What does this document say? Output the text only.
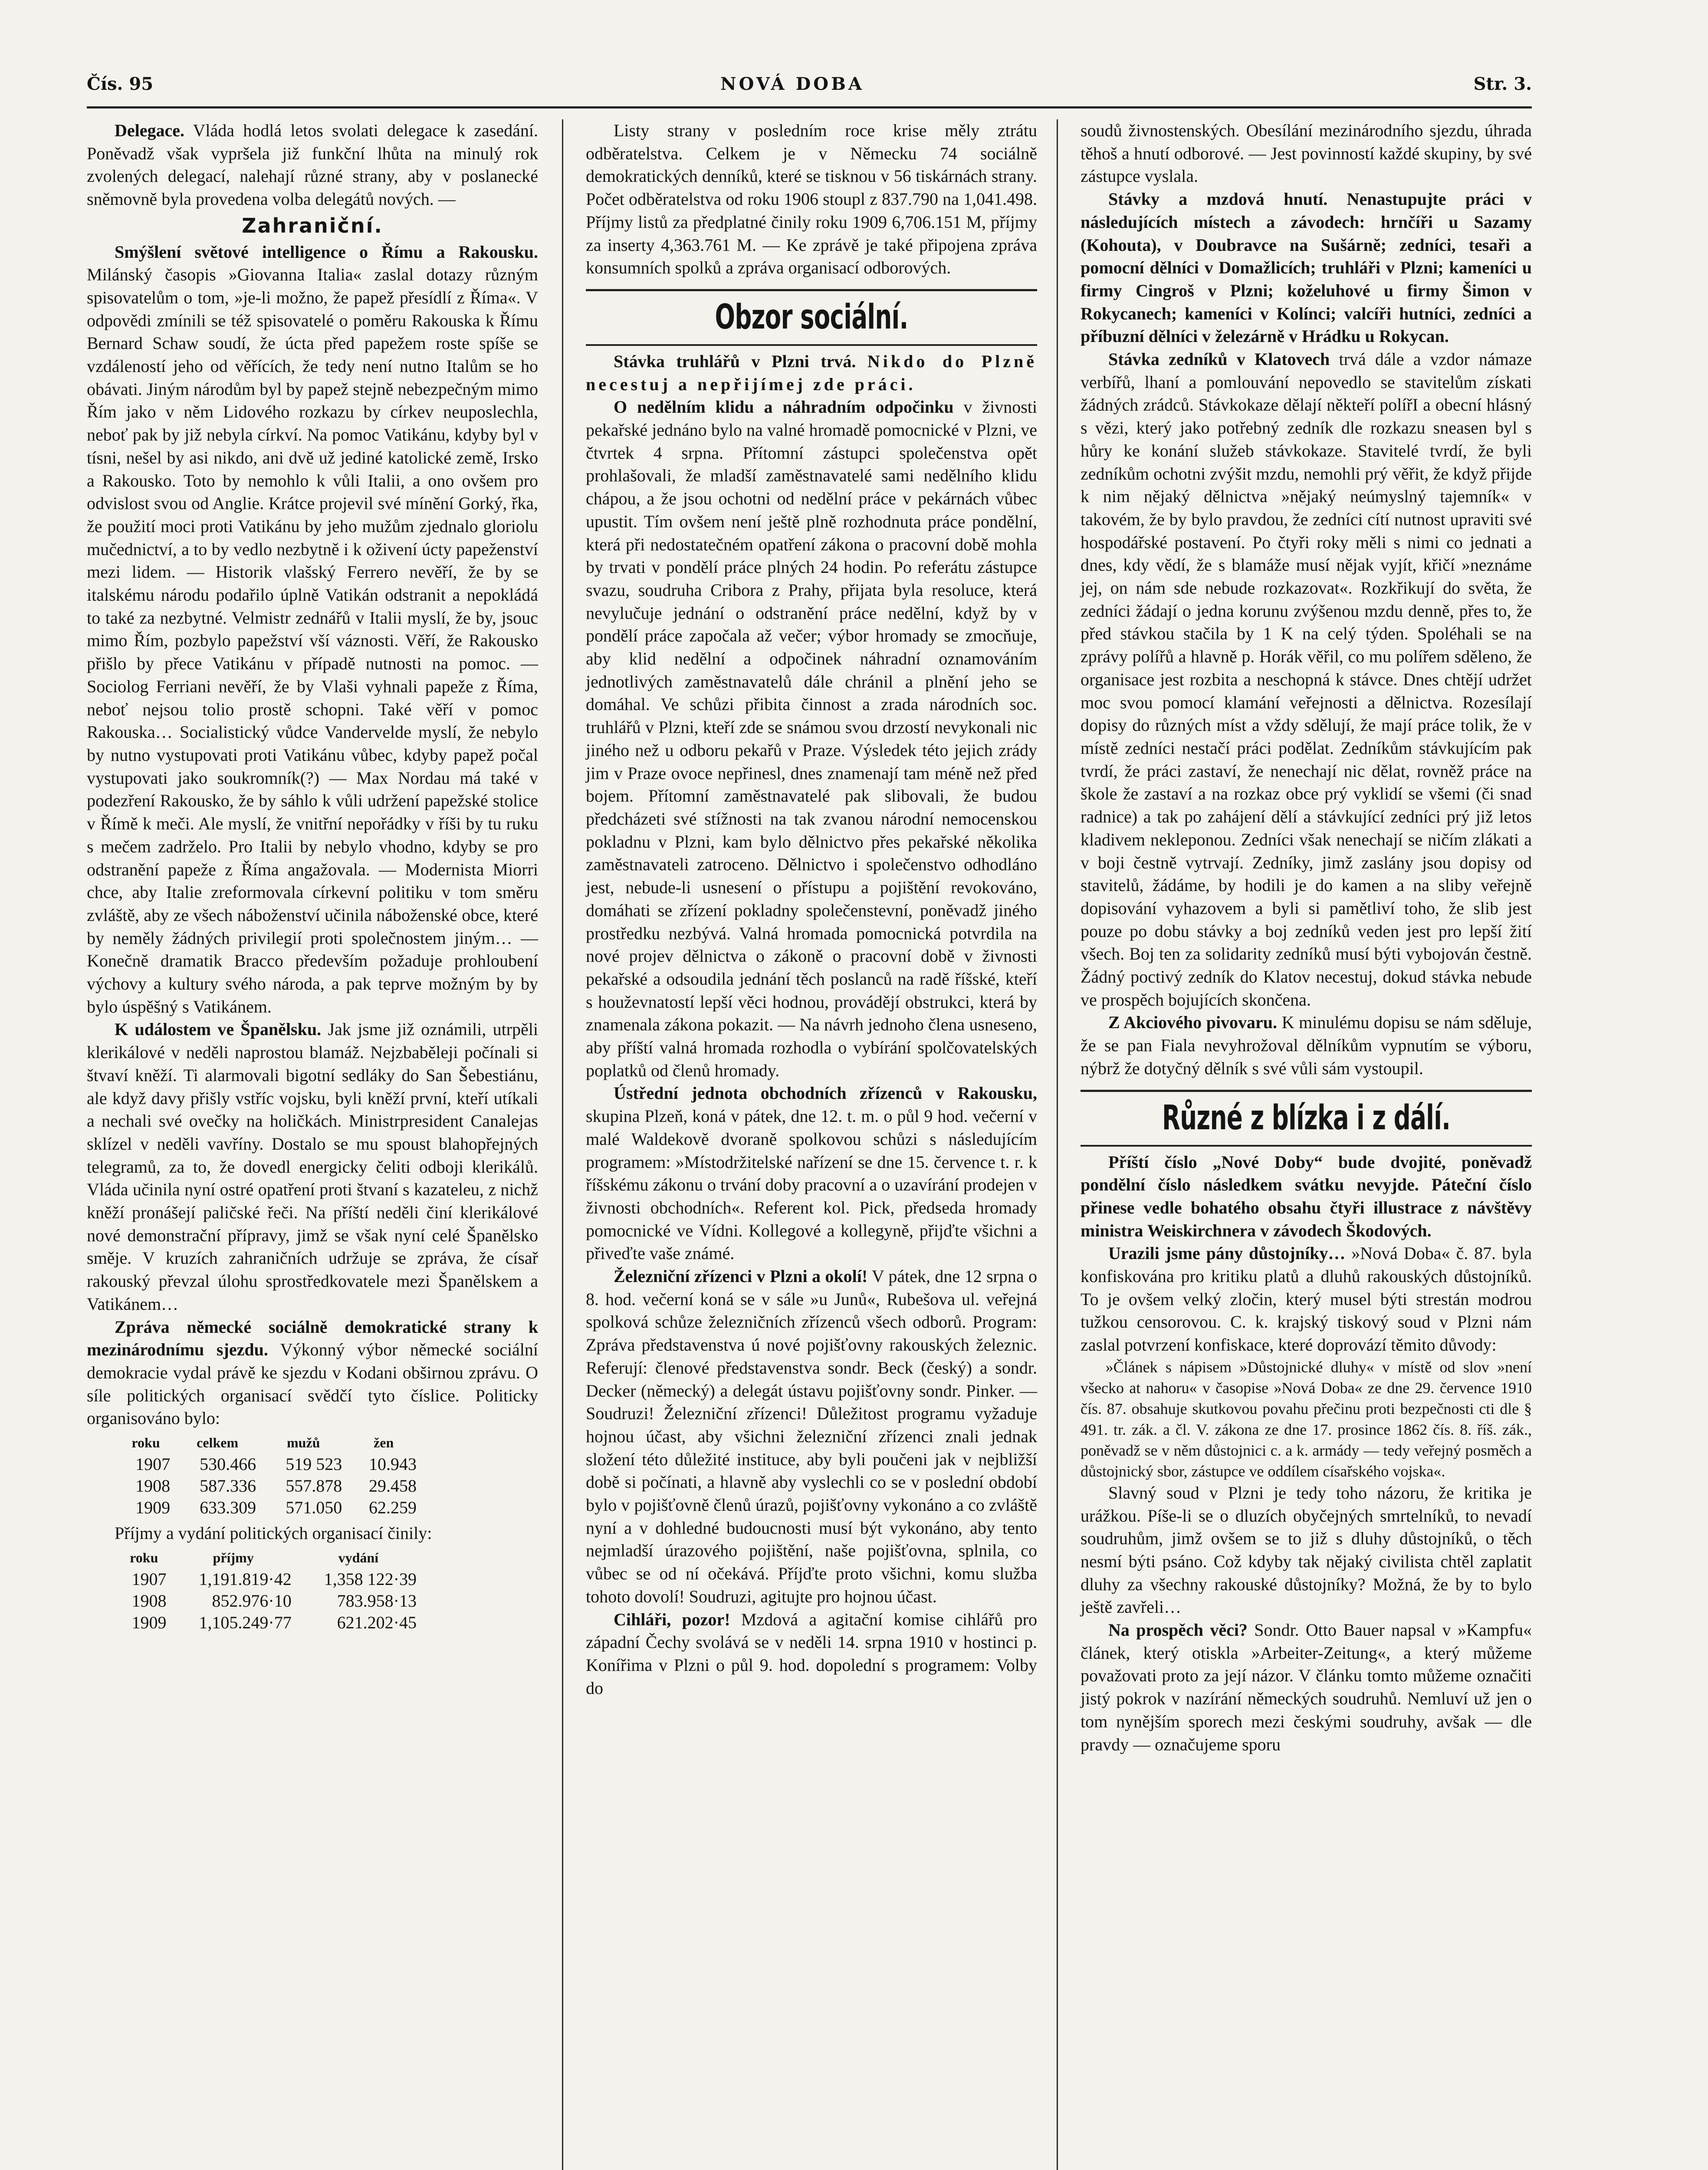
Čís. 95	NOVÁ DOBA	Str. 3.

Delegace. Vláda hodlá letos svolati delegace k zasedání. Poněvadž však vypršela již funkční lhůta na minulý rok zvolených delegací, nalehají různé strany, aby v poslanecké sněmovně byla provedena volba delegátů nových. —

Zahraniční.

Smýšlení světové intelligence o Římu a Rakousku. Milánský časopis »Giovanna Italia« zaslal dotazy různým spisovatelům o tom, »je-li možno, že papež přesídlí z Říma«. V odpovědi zmínili se též spisovatelé o poměru Rakouska k Římu Bernard Schaw soudí, že úcta před papežem roste spíše se vzdáleností jeho od věřících, že tedy není nutno Italům se ho obávati. Jiným národům byl by papež stejně nebezpečným mimo Řím jako v něm Lidového rozkazu by církev neuposlechla, neboť pak by již nebyla církví. Na pomoc Vatikánu, kdyby byl v tísni, nešel by asi nikdo, ani dvě už jediné katolické země, Irsko a Rakousko. Toto by nemohlo k vůli Italii, a ono ovšem pro odvislost svou od Anglie. Krátce projevil své mínění Gorký, řka, že použití moci proti Vatikánu by jeho mužům zjednalo gloriolu mučednictví, a to by vedlo nezbytně i k oživení úcty papeženství mezi lidem. — Historik vlašský Ferrero nevěří, že by se italskému národu podařilo úplně Vatikán odstranit a nepokládá to také za nezbytné. Velmistr zednářů v Italii myslí, že by, jsouc mimo Řím, pozbylo papežství vší váznosti. Věří, že Rakousko přišlo by přece Vatikánu v případě nutnosti na pomoc. — Sociolog Ferriani nevěří, že by Vlaši vyhnali papeže z Říma, neboť nejsou tolio prostě schopni. Také věří v pomoc Rakouska… Socialistický vůdce Vandervelde myslí, že nebylo by nutno vystupovati proti Vatikánu vůbec, kdyby papež počal vystupovati jako soukromník(?) — Max Nordau má také v podezření Rakousko, že by sáhlo k vůli udržení papežské stolice v Římě k meči. Ale myslí, že vnitřní nepořádky v říši by tu ruku s mečem zadrželo. Pro Italii by nebylo vhodno, kdyby se pro odstranění papeže z Říma angažovala. — Modernista Miorri chce, aby Italie zreformovala církevní politiku v tom směru zvláště, aby ze všech náboženství učinila náboženské obce, které by neměly žádných privilegií proti společnostem jiným… — Konečně dramatik Bracco především požaduje prohloubení výchovy a kultury svého národa, a pak teprve možným by by bylo úspěšný s Vatikánem.

K událostem ve Španělsku. Jak jsme již oznámili, utrpěli klerikálové v neděli naprostou blamáž. Nejzbaběleji počínali si štvaví kněží. Ti alarmovali bigotní sedláky do San Šebestiánu, ale když davy přišly vstříc vojsku, byli kněží první, kteří utíkali a nechali své ovečky na holičkách. Ministrpresident Canalejas sklízel v neděli vavříny. Dostalo se mu spoust blahopřejných telegramů, za to, že dovedl energicky čeliti odboji klerikálů. Vláda učinila nyní ostré opatření proti štvaní s kazateleu, z nichž kněží pronášejí paličské řeči. Na příští neděli činí klerikálové nové demonstrační přípravy, jimž se však nyní celé Španělsko směje. V kruzích zahraničních udržuje se zpráva, že císař rakouský převzal úlohu sprostředkovatele mezi Španělskem a Vatikánem…

Zpráva německé sociálně demokratické strany k mezinárodnímu sjezdu. Výkonný výbor německé sociální demokracie vydal právě ke sjezdu v Kodani obširnou zprávu. O síle politických organisací svědčí tyto číslice. Politicky organisováno bylo:

roku	celkem	mužů	žen
1907	530.466	519 523	10.943
1908	587.336	557.878	29.458
1909	633.309	571.050	62.259

Příjmy a vydání politických organisací činily:

roku	příjmy	vydání
1907	1,191.819·42	1,358 122·39
1908	852.976·10	783.958·13
1909	1,105.249·77	621.202·45

Listy strany v posledním roce krise měly ztrátu odběratelstva. Celkem je v Německu 74 sociálně demokratických denníků, které se tisknou v 56 tiskárnách strany. Počet odběratelstva od roku 1906 stoupl z 837.790 na 1,041.498. Příjmy listů za předplatné činily roku 1909 6,706.151 M, příjmy za inserty 4,363.761 M. — Ke zprávě je také připojena zpráva konsumních spolků a zpráva organisací odborových.

Obzor sociální.

Stávka truhlářů v Plzni trvá. Nikdo do Plzně necestuj a nepřijímej zde práci.

O nedělním klidu a náhradním odpočinku v živnosti pekařské jednáno bylo na valné hromadě pomocnické v Plzni, ve čtvrtek 4 srpna. Přítomní zástupci společenstva opět prohlašovali, že mladší zaměstnavatelé sami nedělního klidu chápou, a že jsou ochotni od nedělní práce v pekárnách vůbec upustit. Tím ovšem není ještě plně rozhodnuta práce pondělní, která při nedostatečném opatření zákona o pracovní době mohla by trvati v pondělí práce plných 24 hodin. Po referátu zástupce svazu, soudruha Cribora z Prahy, přijata byla resoluce, která nevylučuje jednání o odstranění práce nedělní, když by v pondělí práce započala až večer; výbor hromady se zmocňuje, aby klid nedělní a odpočinek náhradní oznamováním jednotlivých zaměstnavatelů dále chránil a plnění jeho se domáhal. Ve schůzi přibita činnost a zrada národních soc. truhlářů v Plzni, kteří zde se snámou svou drzostí nevykonali nic jiného než u odboru pekařů v Praze. Výsledek této jejich zrády jim v Praze ovoce nepřinesl, dnes znamenají tam méně než před bojem. Přítomní zaměstnavatelé pak slibovali, že budou předcházeti své stížnosti na tak zvanou národní nemocenskou pokladnu v Plzni, kam bylo dělnictvo přes pekařské několika zaměstnavateli zatroceno. Dělnictvo i společenstvo odhodláno jest, nebude-li usnesení o přístupu a pojištění revokováno, domáhati se zřízení pokladny společenstevní, poněvadž jiného prostředku nezbývá. Valná hromada pomocnická potvrdila na nové projev dělnictva o zákoně o pracovní době v živnosti pekařské a odsoudila jednání těch poslanců na radě říšské, kteří s houževnatostí lepší věci hodnou, provádějí obstrukci, která by znamenala zákona pokazit. — Na návrh jednoho člena usneseno, aby příští valná hromada rozhodla o vybírání spolčovatelských poplatků od členů hromady.

Ústřední jednota obchodních zřízenců v Rakousku, skupina Plzeň, koná v pátek, dne 12. t. m. o půl 9 hod. večerní v malé Waldekově dvoraně spolkovou schůzi s následujícím programem: »Místodržitelské nařízení se dne 15. července t. r. k říšskému zákonu o trvání doby pracovní a o uzavírání prodejen v živnosti obchodních«. Referent kol. Pick, předseda hromady pomocnické ve Vídni. Kollegové a kollegyně, přijďte všichni a přiveďte vaše známé.

Železniční zřízenci v Plzni a okolí! V pátek, dne 12 srpna o 8. hod. večerní koná se v sále »u Junů«, Rubešova ul. veřejná spolková schůze železničních zřízenců všech odborů. Program: Zpráva představenstva ú nové pojišťovny rakouských železnic. Referují: členové představenstva sondr. Beck (český) a sondr. Decker (německý) a delegát ústavu pojišťovny sondr. Pinker. — Soudruzi! Železniční zřízenci! Důležitost programu vyžaduje hojnou účast, aby všichni železniční zřízenci znali jednak složení této důležité instituce, aby byli poučeni jak v nejbližší době si počínati, a hlavně aby vyslechli co se v poslední období bylo v pojišťovně členů úrazů, pojišťovny vykonáno a co zvláště nyní a v dohledné budoucnosti musí být vykonáno, aby tento nejmladší úrazového pojištění, naše pojišťovna, splnila, co vůbec se od ní očekává. Příjďte proto všichni, komu služba tohoto dovolí! Soudruzi, agitujte pro hojnou účast.

Cihláři, pozor! Mzdová a agitační komise cihlářů pro západní Čechy svolává se v neděli 14. srpna 1910 v hostinci p. Konířima v Plzni o půl 9. hod. dopolední s programem: Volby do

soudů živnostenských. Obesílání mezinárodního sjezdu, úhrada těhoš a hnutí odborové. — Jest povinností každé skupiny, by své zástupce vyslala.

Stávky a mzdová hnutí. Nenastupujte práci v následujících místech a závodech: hrnčíři u Sazamy (Kohouta), v Doubravce na Sušárně; zedníci, tesaři a pomocní dělníci v Domažlicích; truhláři v Plzni; kameníci u firmy Cingroš v Plzni; koželuhové u firmy Šimon v Rokycanech; kameníci v Kolínci; valcíři hutníci, zedníci a příbuzní dělníci v železárně v Hrádku u Rokycan.

Stávka zedníků v Klatovech trvá dále a vzdor námaze verbířů, lhaní a pomlouvání nepovedlo se stavitelům získati žádných zrádců. Stávkokaze dělají někteří polířI a obecní hlásný s vězi, který jako potřebný zedník dle rozkazu sneasen byl s hůry ke konání služeb stávkokaze. Stavitelé tvrdí, že byli zedníkům ochotni zvýšit mzdu, nemohli prý věřit, že když přijde k nim nějaký dělnictva »nějaký neúmyslný tajemník« v takovém, že by bylo pravdou, že zedníci cítí nutnost upraviti své hospodářské postavení. Po čtyři roky měli s nimi co jednati a dnes, kdy vědí, že s blamáže musí nějak vyjít, křičí »neznáme jej, on nám sde nebude rozkazovat«. Rozkřikují do světa, že zedníci žádají o jedna korunu zvýšenou mzdu denně, přes to, že před stávkou stačila by 1 K na celý týden. Spoléhali se na zprávy polířů a hlavně p. Horák věřil, co mu polířem sděleno, že organisace jest rozbita a neschopná k stávce. Dnes chtějí udržet moc svou pomocí klamání veřejnosti a dělnictva. Rozesílají dopisy do různých míst a vždy sdělují, že mají práce tolik, že v místě zedníci nestačí práci podělat. Zedníkům stávkujícím pak tvrdí, že práci zastaví, že nenechají nic dělat, rovněž práce na škole že zastaví a na rozkaz obce prý vyklidí se všemi (či snad radnice) a tak po zahájení dělí a stávkující zedníci prý již letos kladivem nekleponou. Zedníci však nenechají se ničím zlákati a v boji čestně vytrvají. Zedníky, jimž zaslány jsou dopisy od stavitelů, žádáme, by hodili je do kamen a na sliby veřejně dopisování vyhazovem a byli si pamětliví toho, že slib jest pouze po dobu stávky a boj zedníků veden jest pro lepší žití všech. Boj ten za solidarity zedníků musí býti vybojován čestně. Žádný poctivý zedník do Klatov necestuj, dokud stávka nebude ve prospěch bojujících skončena.

Z Akciového pivovaru. K minulému dopisu se nám sděluje, že se pan Fiala nevyhrožoval dělníkům vypnutím se výboru, nýbrž že dotyčný dělník s své vůli sám vystoupil.

Různé z blízka i z dálí.

Příští číslo „Nové Doby“ bude dvojité, poněvadž pondělní číslo následkem svátku nevyjde. Páteční číslo přinese vedle bohatého obsahu čtyři illustrace z návštěvy ministra Weiskirchnera v závodech Škodových.

Urazili jsme pány důstojníky… »Nová Doba« č. 87. byla konfiskována pro kritiku platů a dluhů rakouských důstojníků. To je ovšem velký zločin, který musel býti strestán modrou tužkou censorovou. C. k. krajský tiskový soud v Plzni nám zaslal potvrzení konfiskace, které doprovází těmito důvody:

»Článek s nápisem »Důstojnické dluhy« v místě od slov »není všecko at nahoru« v časopise »Nová Doba« ze dne 29. července 1910 čís. 87. obsahuje skutkovou povahu přečinu proti bezpečnosti cti dle § 491. tr. zák. a čl. V. zákona ze dne 17. prosince 1862 čís. 8. říš. zák., poněvadž se v něm důstojnici c. a k. armády — tedy veřejný posměch a důstojnický sbor, zástupce ve oddílem císařského vojska«.

Slavný soud v Plzni je tedy toho názoru, že kritika je urážkou. Píše-li se o dluzích obyčejných smrtelníků, to nevadí soudruhům, jimž ovšem se to již s dluhy důstojníků, o těch nesmí býti psáno. Což kdyby tak nějaký civilista chtěl zaplatit dluhy za všechny rakouské důstojníky? Možná, že by to bylo ještě zavřeli…

Na prospěch věci? Sondr. Otto Bauer napsal v »Kampfu« článek, který otiskla »Arbeiter-Zeitung«, a který můžeme považovati proto za její názor. V článku tomto můžeme označiti jistý pokrok v nazírání německých soudruhů. Nemluví už jen o tom nynějším sporech mezi českými soudruhy, avšak — dle pravdy — označujeme sporu
